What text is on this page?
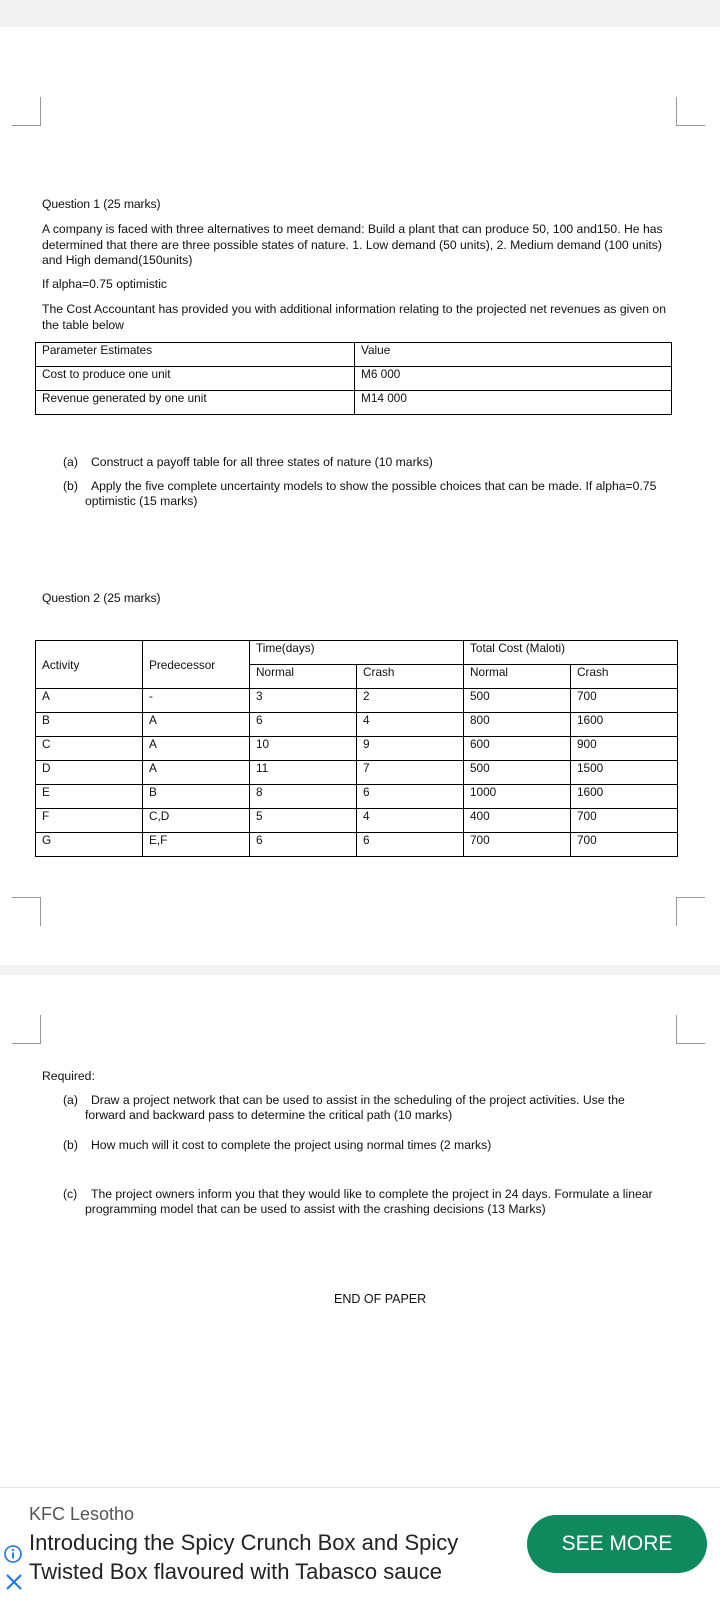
Question 1 (25 marks)
A company is faced with three alternatives to meet demand: Build a plant that can produce 50, 100 and150. He has
determined that there are three possible states of nature. 1. Low demand (50 units), 2. Medium demand (100 units)
and High demand(150units)
If alpha=0.75 optimistic
The Cost Accountant has provided you with additional information relating to the projected net revenues as given on
the table below
Parameter Estimates	Value
Cost to produce one unit	M6 000
Revenue generated by one unit	M14 000
(a) Construct a payoff table for all three states of nature (10 marks)
(b) Apply the five complete uncertainty models to show the possible choices that can be made. If alpha=0.75
optimistic (15 marks)
Question 2 (25 marks)
Activity	Predecessor	Time(days)		Total Cost (Maloti)	
		Normal	Crash	Normal	Crash
A	-	3	2	500	700
B	A	6	4	800	1600
C	A	10	9	600	900
D	A	11	7	500	1500
E	B	8	6	1000	1600
F	C,D	5	4	400	700
G	E,F	6	6	700	700
Required:
(a) Draw a project network that can be used to assist in the scheduling of the project activities. Use the
forward and backward pass to determine the critical path (10 marks)
(b) How much will it cost to complete the project using normal times (2 marks)
(c) The project owners inform you that they would like to complete the project in 24 days. Formulate a linear
programming model that can be used to assist with the crashing decisions (13 Marks)
END OF PAPER
KFC Lesotho
Introducing the Spicy Crunch Box and Spicy Twisted Box flavoured with Tabasco sauce
SEE MORE
